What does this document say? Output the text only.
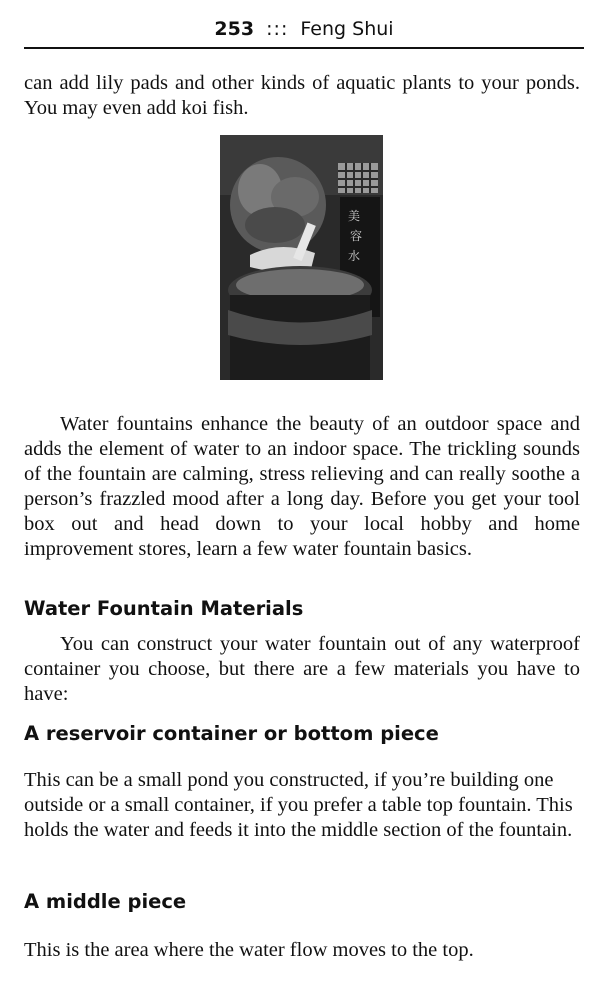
253 ::: Feng Shui

can add lily pads and other kinds of aquatic plants to your ponds. You may even add koi fish.

美
容
水

Water fountains enhance the beauty of an outdoor space and adds the element of water to an indoor space. The trickling sounds of the fountain are calming, stress relieving and can really soothe a person’s frazzled mood after a long day. Before you get your tool box out and head down to your local hobby and home improvement stores, learn a few water fountain basics.

Water Fountain Materials

You can construct your water fountain out of any waterproof container you choose, but there are a few materials you have to have:

A reservoir container or bottom piece

This can be a small pond you constructed, if you’re building one outside or a small container, if you prefer a table top fountain. This holds the water and feeds it into the middle section of the fountain.

A middle piece

This is the area where the water flow moves to the top.
